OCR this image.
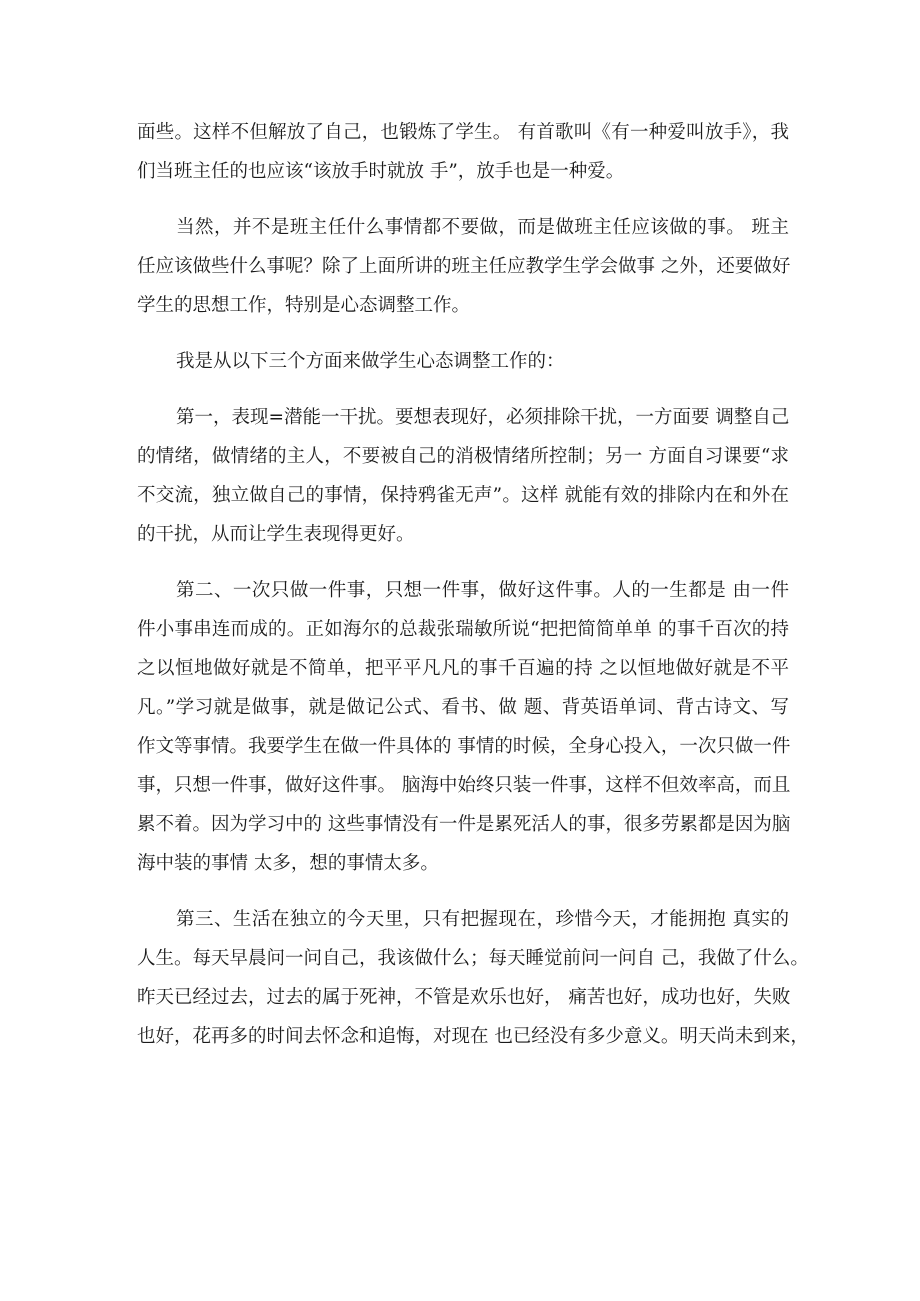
面些。这样不但解放了自己，也锻炼了学生。 有首歌叫《有一种爱叫放手》，我
们当班主任的也应该“该放手时就放 手”，放手也是一种爱。
当然，并不是班主任什么事情都不要做，而是做班主任应该做的事。 班主
任应该做些什么事呢？除了上面所讲的班主任应教学生学会做事 之外，还要做好
学生的思想工作，特别是心态调整工作。
我是从以下三个方面来做学生心态调整工作的：
第一，表现=潜能一干扰。要想表现好，必须排除干扰，一方面要 调整自己
的情绪，做情绪的主人，不要被自己的消极情绪所控制；另一 方面自习课要“求
不交流，独立做自己的事情，保持鸦雀无声”。这样 就能有效的排除内在和外在
的干扰，从而让学生表现得更好。
第二、一次只做一件事，只想一件事，做好这件事。人的一生都是 由一件
件小事串连而成的。正如海尔的总裁张瑞敏所说“把把简简单单 的事千百次的持
之以恒地做好就是不简单，把平平凡凡的事千百遍的持 之以恒地做好就是不平
凡。”学习就是做事，就是做记公式、看书、做 题、背英语单词、背古诗文、写
作文等事情。我要学生在做一件具体的 事情的时候，全身心投入，一次只做一件
事，只想一件事，做好这件事。 脑海中始终只装一件事，这样不但效率高，而且
累不着。因为学习中的 这些事情没有一件是累死活人的事，很多劳累都是因为脑
海中装的事情 太多，想的事情太多。
第三、生活在独立的今天里，只有把握现在，珍惜今天，才能拥抱 真实的
人生。每天早晨问一问自己，我该做什么；每天睡觉前问一问自 己，我做了什么。
昨天已经过去，过去的属于死神，不管是欢乐也好， 痛苦也好，成功也好，失败
也好，花再多的时间去怀念和追悔，对现在 也已经没有多少意义。明天尚未到来，
